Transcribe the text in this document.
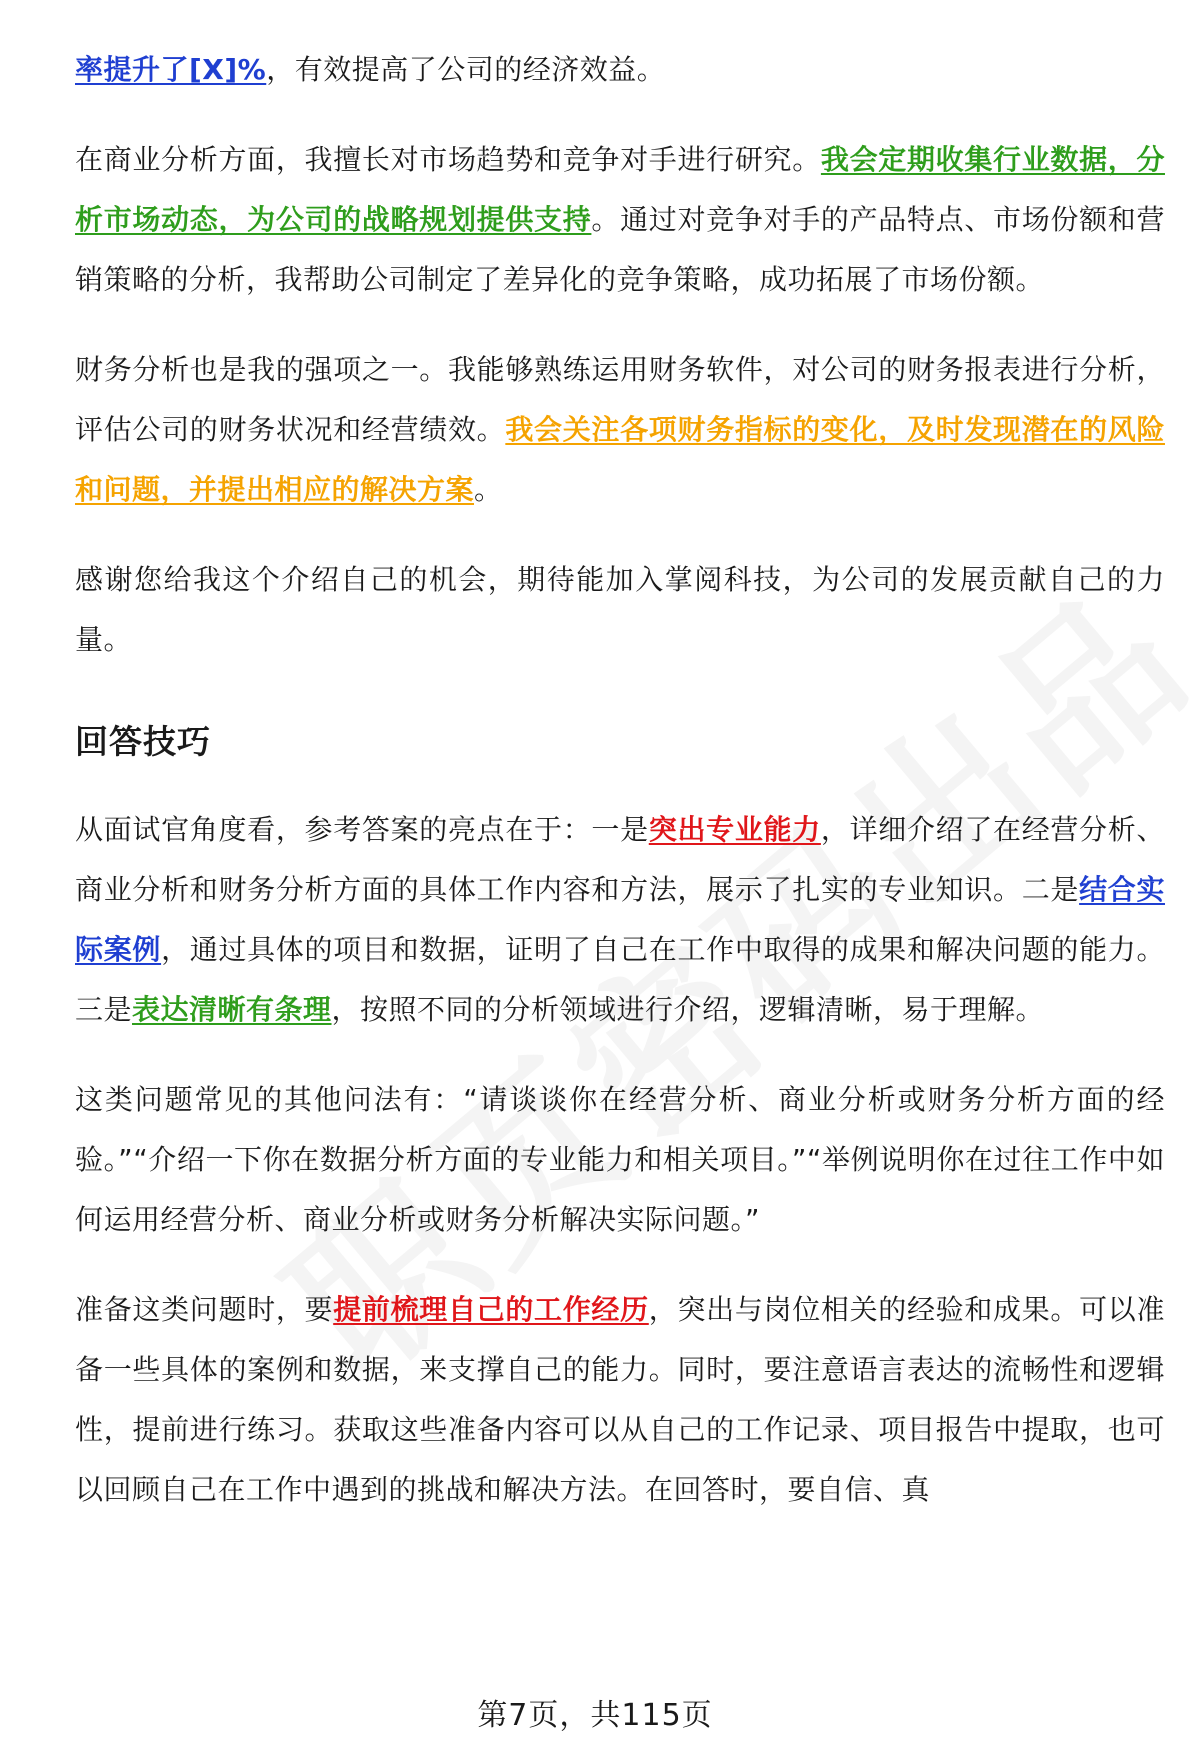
率提升了[X]%，有效提高了公司的经济效益。

在商业分析方面，我擅长对市场趋势和竞争对手进行研究。我会定期收集行业数据，分析市场动态，为公司的战略规划提供支持。通过对竞争对手的产品特点、市场份额和营销策略的分析，我帮助公司制定了差异化的竞争策略，成功拓展了市场份额。

财务分析也是我的强项之一。我能够熟练运用财务软件，对公司的财务报表进行分析，评估公司的财务状况和经营绩效。我会关注各项财务指标的变化，及时发现潜在的风险和问题，并提出相应的解决方案。

感谢您给我这个介绍自己的机会，期待能加入掌阅科技，为公司的发展贡献自己的力量。

回答技巧

从面试官角度看，参考答案的亮点在于：一是突出专业能力，详细介绍了在经营分析、商业分析和财务分析方面的具体工作内容和方法，展示了扎实的专业知识。二是结合实际案例，通过具体的项目和数据，证明了自己在工作中取得的成果和解决问题的能力。三是表达清晰有条理，按照不同的分析领域进行介绍，逻辑清晰，易于理解。

这类问题常见的其他问法有：“请谈谈你在经营分析、商业分析或财务分析方面的经验。”“介绍一下你在数据分析方面的专业能力和相关项目。”“举例说明你在过往工作中如何运用经营分析、商业分析或财务分析解决实际问题。”

准备这类问题时，要提前梳理自己的工作经历，突出与岗位相关的经验和成果。可以准备一些具体的案例和数据，来支撑自己的能力。同时，要注意语言表达的流畅性和逻辑性，提前进行练习。获取这些准备内容可以从自己的工作记录、项目报告中提取，也可以回顾自己在工作中遇到的挑战和解决方法。在回答时，要自信、真

第7页，共115页
